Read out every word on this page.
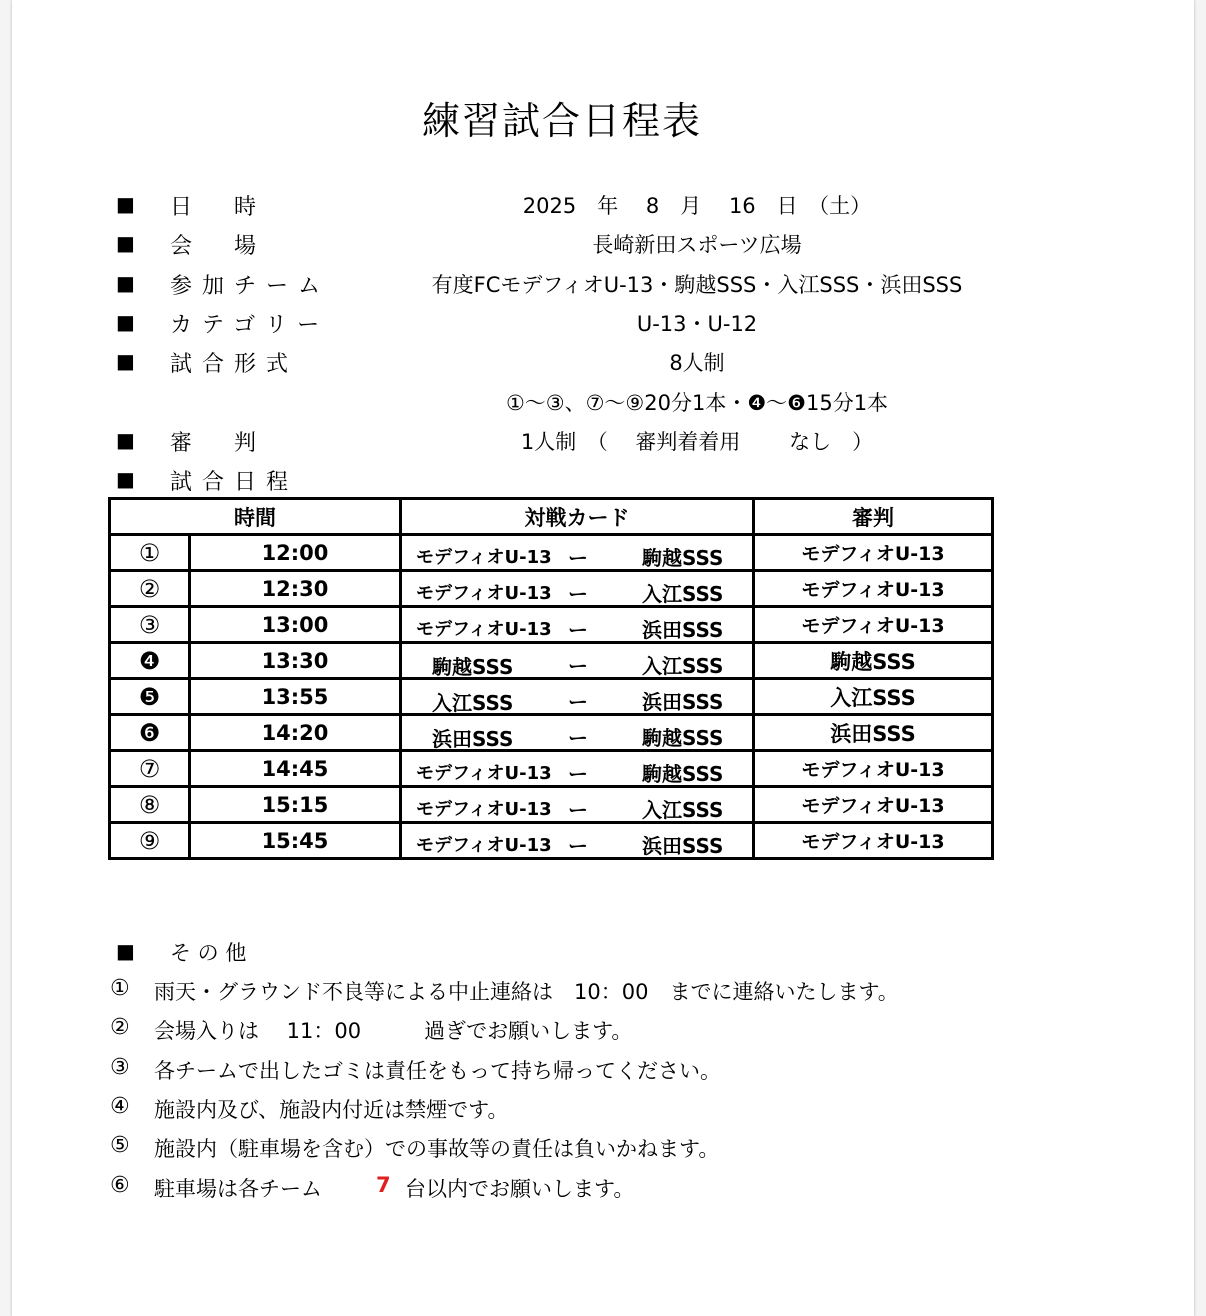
練習試合日程表
■ 日　時	2025　年　 8　月　 16　日　（土）
■ 会　場	長崎新田スポーツ広場
■ 参加チーム	有度FCモデフィオU-13・駒越SSS・入江SSS・浜田SSS
■ カテゴリー	U-13・U-12
■ 試合形式	8人制
①〜③、⑦〜⑨20分1本・❹〜❻15分1本
■ 審　判	1人制　（　 審判着着用　　 なし　）
■ 試合日程
時間		対戦カード	審判
①	12:00	モデフィオU-13 ー 駒越SSS	モデフィオU-13
②	12:30	モデフィオU-13 ー 入江SSS	モデフィオU-13
③	13:00	モデフィオU-13 ー 浜田SSS	モデフィオU-13
❹	13:30	駒越SSS ー 入江SSS	駒越SSS
❺	13:55	入江SSS ー 浜田SSS	入江SSS
❻	14:20	浜田SSS ー 駒越SSS	浜田SSS
⑦	14:45	モデフィオU-13 ー 駒越SSS	モデフィオU-13
⑧	15:15	モデフィオU-13 ー 入江SSS	モデフィオU-13
⑨	15:45	モデフィオU-13 ー 浜田SSS	モデフィオU-13
■ そ の 他
① 雨天・グラウンド不良等による中止連絡は　10：00　までに連絡いたします。
② 会場入りは　 11：00　　　過ぎでお願いします。
③ 各チームで出したゴミは責任をもって持ち帰ってください。
④ 施設内及び、施設内付近は禁煙です。
⑤ 施設内（駐車場を含む）での事故等の責任は負いかねます。
⑥ 駐車場は各チーム	7 台以内でお願いします。
